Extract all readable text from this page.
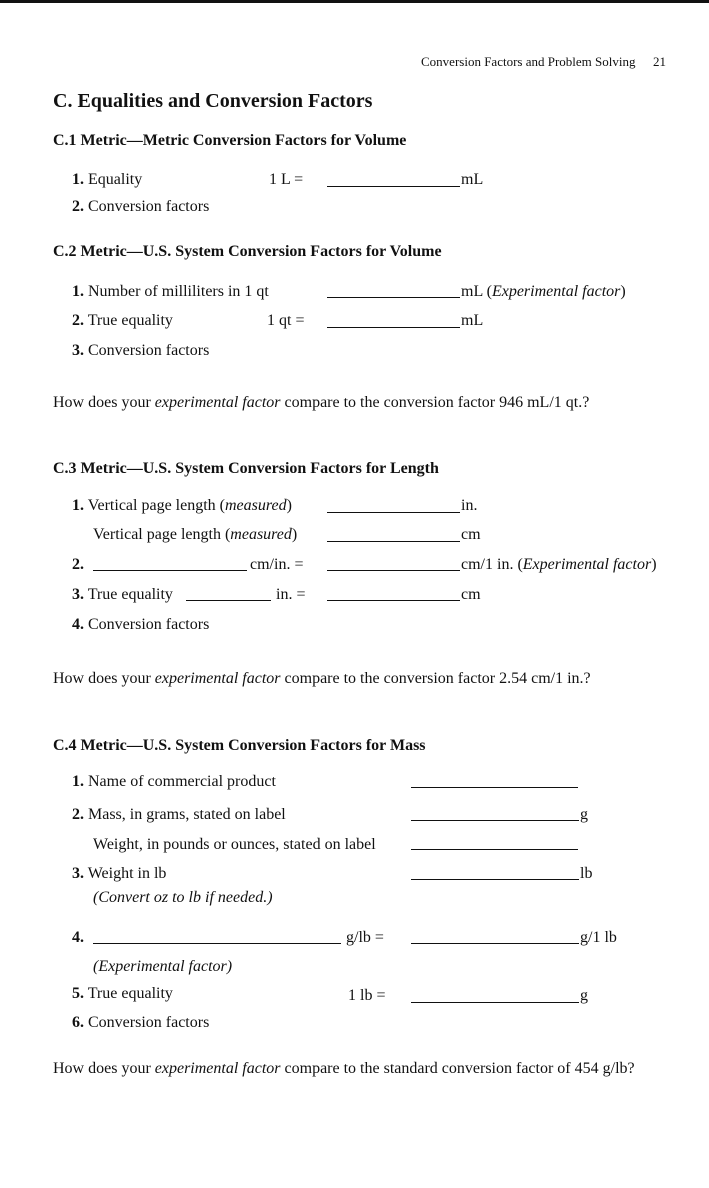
Conversion Factors and Problem Solving 21
C. Equalities and Conversion Factors
C.1 Metric—Metric Conversion Factors for Volume
1. Equality	1 L =	mL
2. Conversion factors
C.2 Metric—U.S. System Conversion Factors for Volume
1. Number of milliliters in 1 qt	mL (Experimental factor)
2. True equality	1 qt =	mL
3. Conversion factors
How does your experimental factor compare to the conversion factor 946 mL/1 qt.?
C.3 Metric—U.S. System Conversion Factors for Length
1. Vertical page length (measured)	in.
Vertical page length (measured)	cm
2.	cm/in. =	cm/1 in. (Experimental factor)
3. True equality	in. =	cm
4. Conversion factors
How does your experimental factor compare to the conversion factor 2.54 cm/1 in.?
C.4 Metric—U.S. System Conversion Factors for Mass
1. Name of commercial product
2. Mass, in grams, stated on label	g
Weight, in pounds or ounces, stated on label
3. Weight in lb	lb
(Convert oz to lb if needed.)
4.	g/lb =	g/1 lb
(Experimental factor)
5. True equality	1 lb =	g
6. Conversion factors
How does your experimental factor compare to the standard conversion factor of 454 g/lb?
